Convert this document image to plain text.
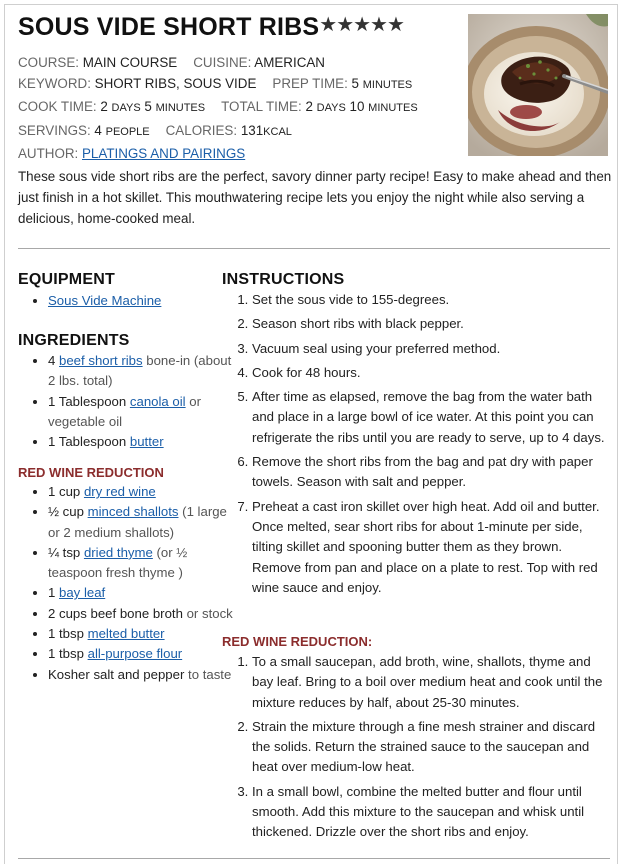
SOUS VIDE SHORT RIBS★★★★★
COURSE: MAIN COURSE CUISINE: AMERICAN
KEYWORD: SHORT RIBS, SOUS VIDE PREP TIME: 5 MINUTES
COOK TIME: 2 DAYS 5 MINUTES TOTAL TIME: 2 DAYS 10 MINUTES
SERVINGS: 4 PEOPLE CALORIES: 131KCAL
AUTHOR: PLATINGS AND PAIRINGS

These sous vide short ribs are the perfect, savory dinner party recipe! Easy to make ahead and then just finish in a hot skillet. This mouthwatering recipe lets you enjoy the night while also serving a delicious, home-cooked meal.

EQUIPMENT
• Sous Vide Machine
INGREDIENTS
• 4 beef short ribs bone-in (about 2 lbs. total)
• 1 Tablespoon canola oil or vegetable oil
• 1 Tablespoon butter
RED WINE REDUCTION
• 1 cup dry red wine
• ½ cup minced shallots (1 large or 2 medium shallots)
• ¼ tsp dried thyme (or ½ teaspoon fresh thyme )
• 1 bay leaf
• 2 cups beef bone broth or stock
• 1 tbsp melted butter
• 1 tbsp all-purpose flour
• Kosher salt and pepper to taste
INSTRUCTIONS
1. Set the sous vide to 155-degrees.
2. Season short ribs with black pepper.
3. Vacuum seal using your preferred method.
4. Cook for 48 hours.
5. After time as elapsed, remove the bag from the water bath and place in a large bowl of ice water. At this point you can refrigerate the ribs until you are ready to serve, up to 4 days.
6. Remove the short ribs from the bag and pat dry with paper towels. Season with salt and pepper.
7. Preheat a cast iron skillet over high heat. Add oil and butter. Once melted, sear short ribs for about 1-minute per side, tilting skillet and spooning butter them as they brown. Remove from pan and place on a plate to rest. Top with red wine sauce and enjoy.
RED WINE REDUCTION:
1. To a small saucepan, add broth, wine, shallots, thyme and bay leaf. Bring to a boil over medium heat and cook until the mixture reduces by half, about 25-30 minutes.
2. Strain the mixture through a fine mesh strainer and discard the solids. Return the strained sauce to the saucepan and heat over medium-low heat.
3. In a small bowl, combine the melted butter and flour until smooth. Add this mixture to the saucepan and whisk until thickened. Drizzle over the short ribs and enjoy.
